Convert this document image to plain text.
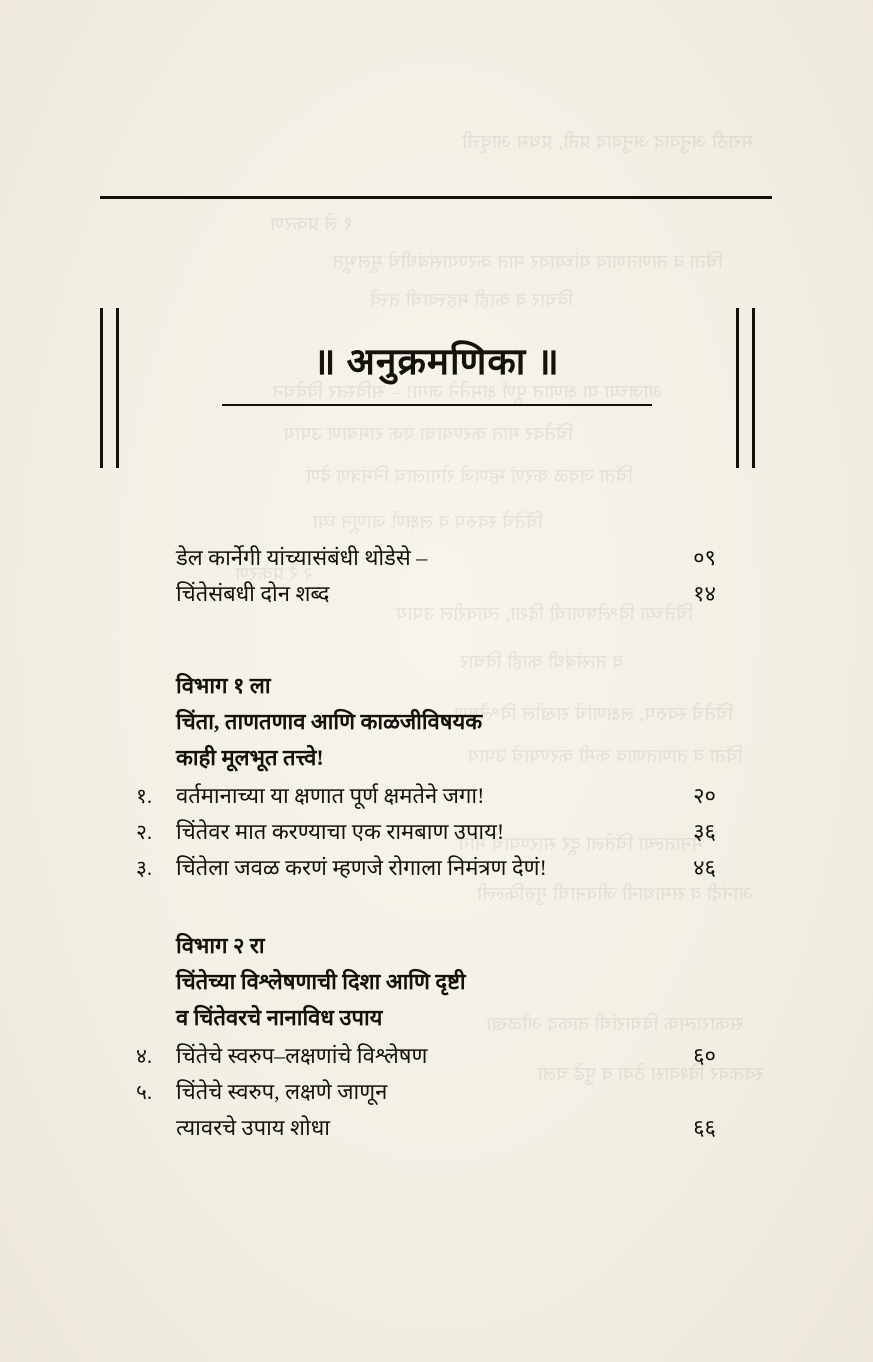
॥ अनुक्रमणिका ॥
डेल कार्नेगी यांच्यासंबंधी थोडेसे –	०९
चिंतेसंबधी दोन शब्द	१४
विभाग १ ला
चिंता, ताणतणाव आणि काळजीविषयक
काही मूलभूत तत्त्वे!
१.	वर्तमानाच्या या क्षणात पूर्ण क्षमतेने जगा!	२०
२.	चिंतेवर मात करण्याचा एक रामबाण उपाय!	३६
३.	चिंतेला जवळ करणं म्हणजे रोगाला निमंत्रण देणं!	४६
विभाग २ रा
चिंतेच्या विश्लेषणाची दिशा आणि दृष्टी
व चिंतेवरचे नानाविध उपाय
४.	चिंतेचे स्वरुप–लक्षणांचे विश्लेषण	६०
५.	चिंतेचे स्वरुप, लक्षणे जाणून
त्यावरचे उपाय शोधा	६६
